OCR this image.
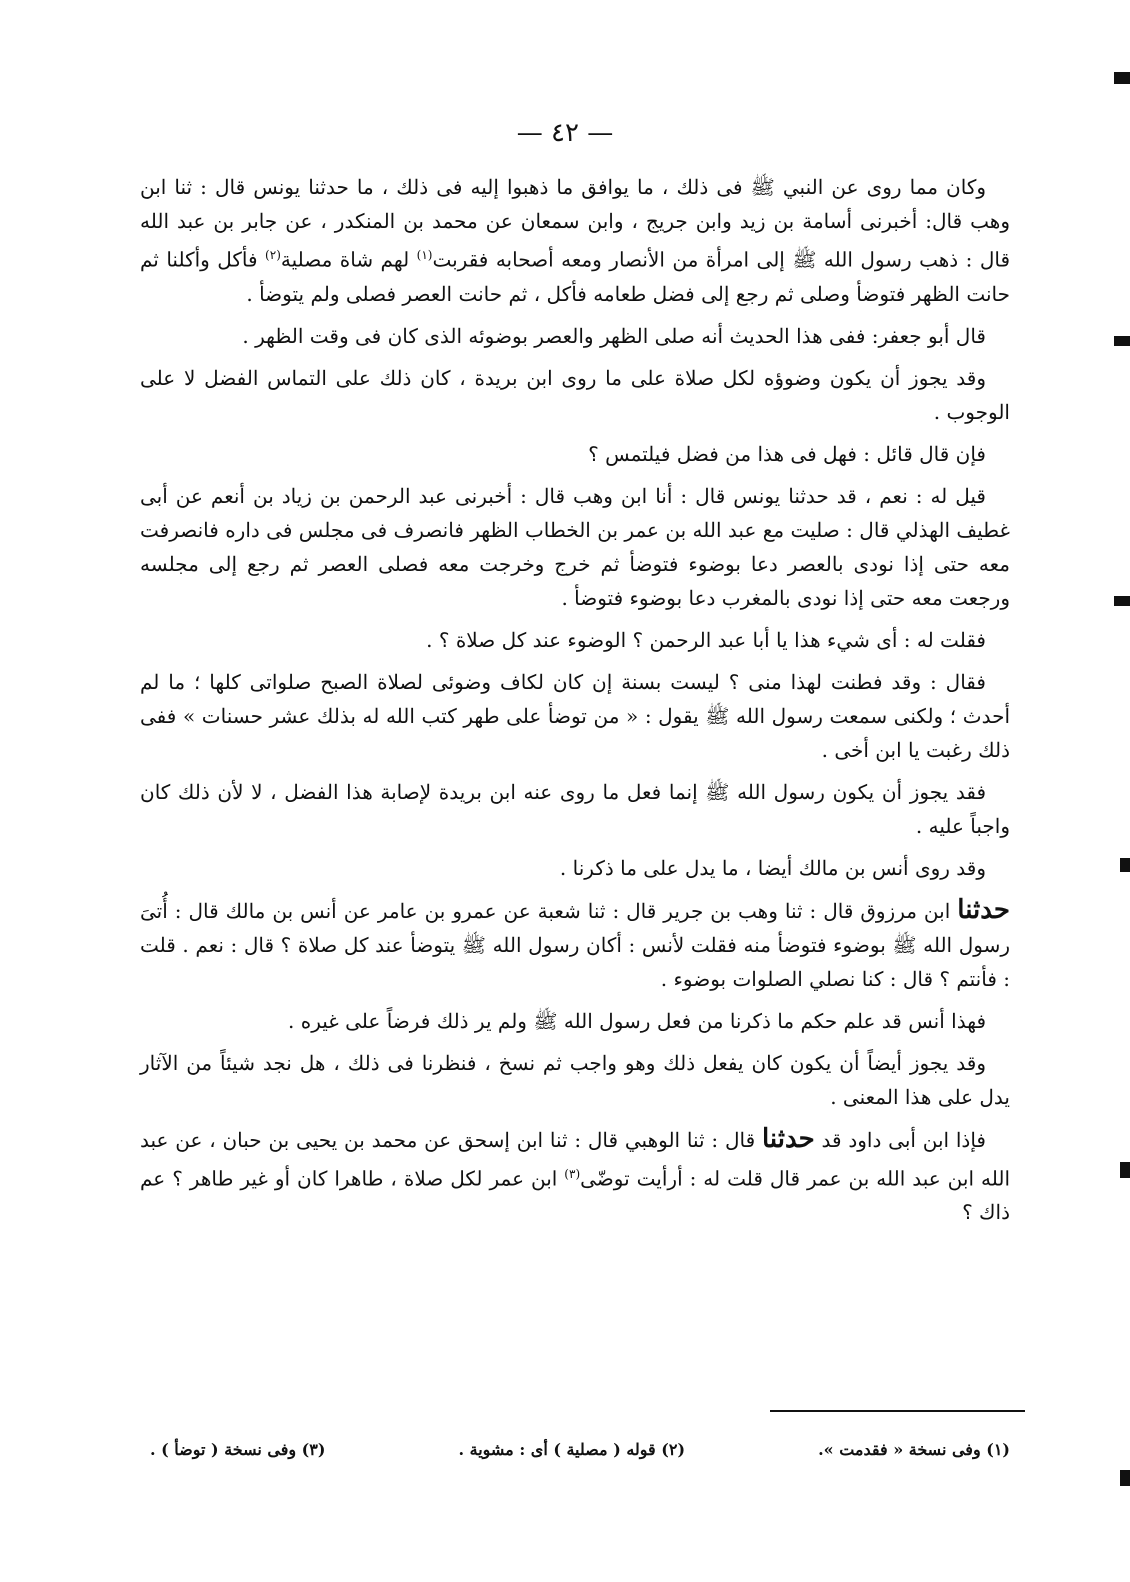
— ٤٢ —

وكان مما روى عن النبي ﷺ فى ذلك ، ما يوافق ما ذهبوا إليه فى ذلك ، ما حدثنا يونس قال : ثنا ابن وهب قال: أخبرنى أسامة بن زيد وابن جريج ، وابن سمعان عن محمد بن المنكدر ، عن جابر بن عبد الله قال : ذهب رسول الله ﷺ إلى امرأة من الأنصار ومعه أصحابه فقربت$^{(١)}$ لهم شاة مصلية$^{(٢)}$ فأكل وأكلنا ثم حانت الظهر فتوضأ وصلى ثم رجع إلى فضل طعامه فأكل ، ثم حانت العصر فصلى ولم يتوضأ .

قال أبو جعفر: ففى هذا الحديث أنه صلى الظهر والعصر بوضوئه الذى كان فى وقت الظهر .

وقد يجوز أن يكون وضوؤه لكل صلاة على ما روى ابن بريدة ، كان ذلك على التماس الفضل لا على الوجوب .

فإن قال قائل : فهل فى هذا من فضل فيلتمس ؟

قيل له : نعم ، قد حدثنا يونس قال : أنا ابن وهب قال : أخبرنى عبد الرحمن بن زياد بن أنعم عن أبى غطيف الهذلي قال : صليت مع عبد الله بن عمر بن الخطاب الظهر فانصرف فى مجلس فى داره فانصرفت معه حتى إذا نودى بالعصر دعا بوضوء فتوضأ ثم خرج وخرجت معه فصلى العصر ثم رجع إلى مجلسه ورجعت معه حتى إذا نودى بالمغرب دعا بوضوء فتوضأ .

فقلت له : أى شيء هذا يا أبا عبد الرحمن ؟ الوضوء عند كل صلاة ؟ .

فقال : وقد فطنت لهذا منى ؟ ليست بسنة إن كان لكاف وضوئى لصلاة الصبح صلواتى كلها ؛ ما لم أحدث ؛ ولكنى سمعت رسول الله ﷺ يقول : « من توضأ على طهر كتب الله له بذلك عشر حسنات » ففى ذلك رغبت يا ابن أخى .

فقد يجوز أن يكون رسول الله ﷺ إنما فعل ما روى عنه ابن بريدة لإصابة هذا الفضل ، لا لأن ذلك كان واجباً عليه .

وقد روى أنس بن مالك أيضا ، ما يدل على ما ذكرنا .

حدثنا ابن مرزوق قال : ثنا وهب بن جرير قال : ثنا شعبة عن عمرو بن عامر عن أنس بن مالك قال : أُتىَ رسول الله ﷺ بوضوء فتوضأ منه فقلت لأنس : أكان رسول الله ﷺ يتوضأ عند كل صلاة ؟ قال : نعم . قلت : فأنتم ؟ قال : كنا نصلي الصلوات بوضوء .

فهذا أنس قد علم حكم ما ذكرنا من فعل رسول الله ﷺ ولم ير ذلك فرضاً على غيره .

وقد يجوز أيضاً أن يكون كان يفعل ذلك وهو واجب ثم نسخ ، فنظرنا فى ذلك ، هل نجد شيئاً من الآثار يدل على هذا المعنى .

فإذا ابن أبى داود قد حدثنا قال : ثنا الوهبي قال : ثنا ابن إسحق عن محمد بن يحيى بن حبان ، عن عبد الله ابن عبد الله بن عمر قال قلت له : أرأيت توضّى$^{(٣)}$ ابن عمر لكل صلاة ، طاهرا كان أو غير طاهر ؟ عم ذاك ؟

(١) وفى نسخة « فقدمت ».
(٢) قوله ( مصلية ) أى : مشوية .
(٣) وفى نسخة ( توضأ ) .
